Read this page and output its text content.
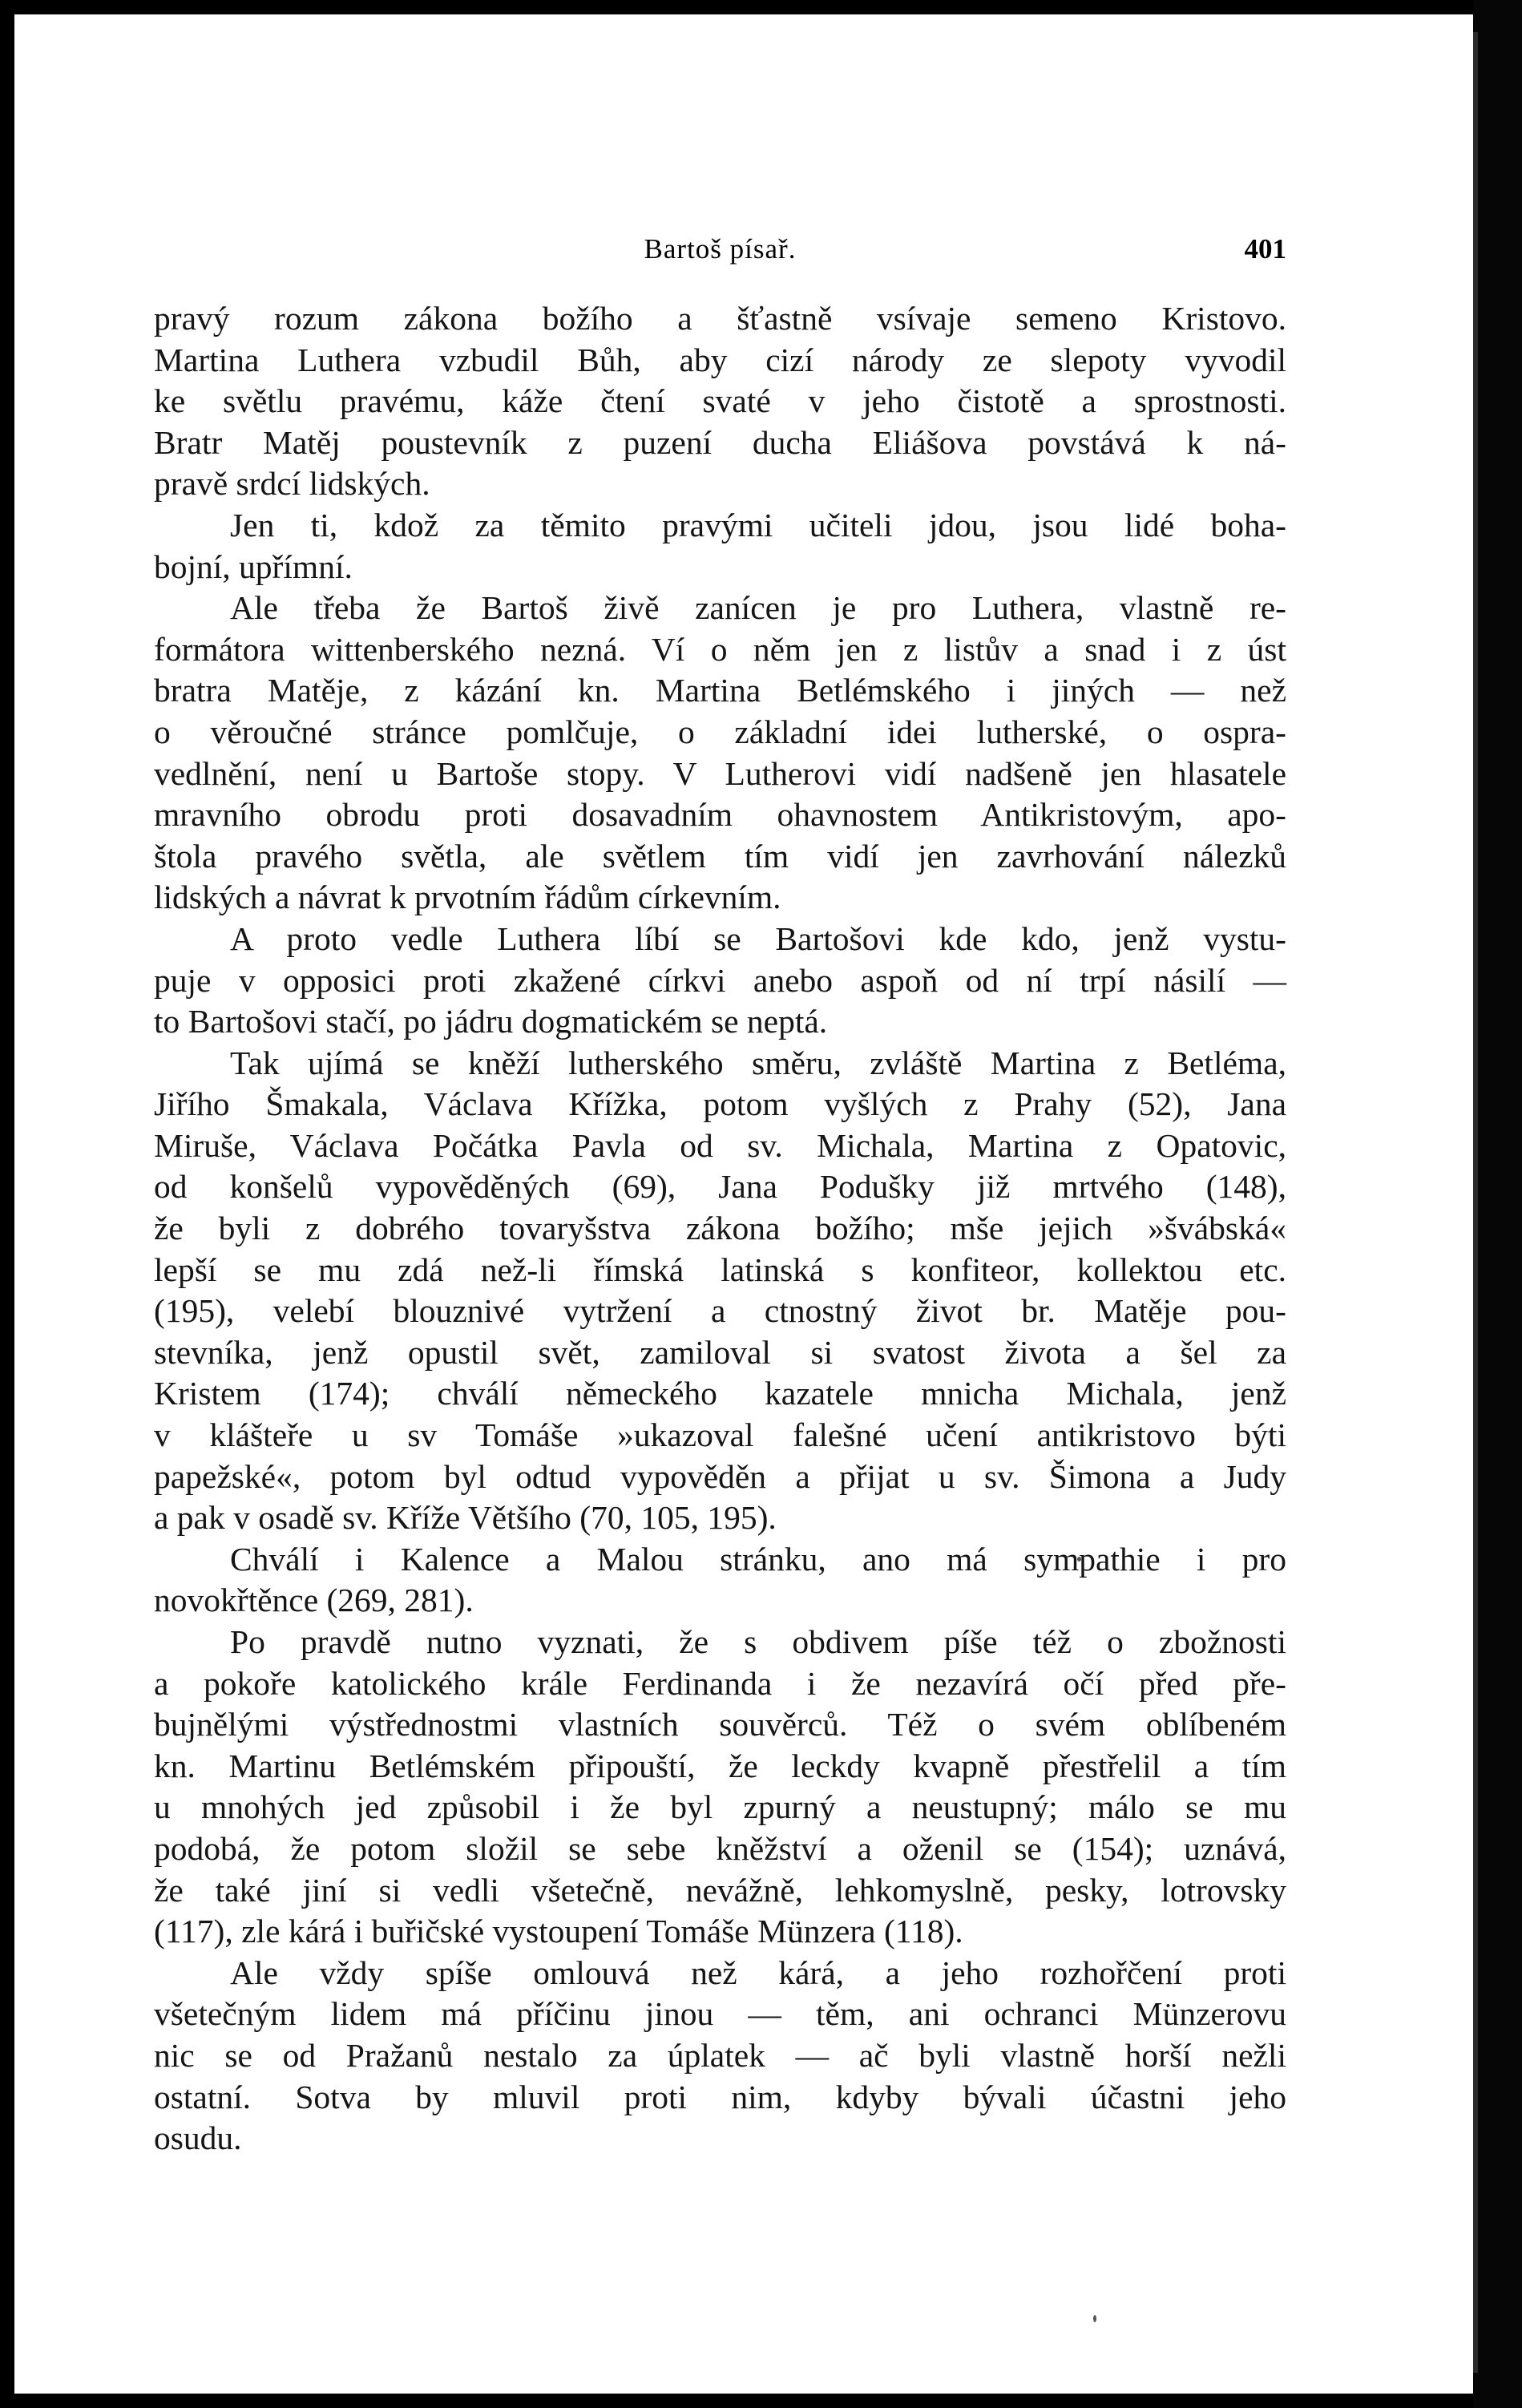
Bartoš písař.	401

pravý rozum zákona božího a šťastně vsívaje semeno Kristovo.
Martina Luthera vzbudil Bůh, aby cizí národy ze slepoty vyvodil
ke světlu pravému, káže čtení svaté v jeho čistotě a sprostnosti.
Bratr Matěj poustevník z puzení ducha Eliášova povstává k ná-
pravě srdcí lidských.

Jen ti, kdož za těmito pravými učiteli jdou, jsou lidé boha-
bojní, upřímní.

Ale třeba že Bartoš živě zanícen je pro Luthera, vlastně re-
formátora wittenberského nezná. Ví o něm jen z listův a snad i z úst
bratra Matěje, z kázání kn. Martina Betlémského i jiných — než
o věroučné stránce pomlčuje, o základní idei lutherské, o ospra-
vedlnění, není u Bartoše stopy. V Lutherovi vidí nadšeně jen hlasatele
mravního obrodu proti dosavadním ohavnostem Antikristovým, apo-
štola pravého světla, ale světlem tím vidí jen zavrhování nálezků
lidských a návrat k prvotním řádům církevním.

A proto vedle Luthera líbí se Bartošovi kde kdo, jenž vystu-
puje v opposici proti zkažené církvi anebo aspoň od ní trpí násilí —
to Bartošovi stačí, po jádru dogmatickém se neptá.

Tak ujímá se kněží lutherského směru, zvláště Martina z Betléma,
Jiřího Šmakala, Václava Křížka, potom vyšlých z Prahy (52), Jana
Miruše, Václava Počátka Pavla od sv. Michala, Martina z Opatovic,
od konšelů vypověděných (69), Jana Podušky již mrtvého (148),
že byli z dobrého tovaryšstva zákona božího; mše jejich »švábská«
lepší se mu zdá než-li římská latinská s konfiteor, kollektou etc.
(195), velebí blouznivé vytržení a ctnostný život br. Matěje pou-
stevníka, jenž opustil svět, zamiloval si svatost života a šel za
Kristem (174); chválí německého kazatele mnicha Michala, jenž
v klášteře u sv Tomáše »ukazoval falešné učení antikristovo býti
papežské«, potom byl odtud vypověděn a přijat u sv. Šimona a Judy
a pak v osadě sv. Kříže Většího (70, 105, 195).

Chválí i Kalence a Malou stránku, ano má sympathie i pro
novokřtěnce (269, 281).

Po pravdě nutno vyznati, že s obdivem píše též o zbožnosti
a pokoře katolického krále Ferdinanda i že nezavírá očí před pře-
bujnělými výstřednostmi vlastních souvěrců. Též o svém oblíbeném
kn. Martinu Betlémském připouští, že leckdy kvapně přestřelil a tím
u mnohých jed způsobil i že byl zpurný a neustupný; málo se mu
podobá, že potom složil se sebe kněžství a oženil se (154); uznává,
že také jiní si vedli všetečně, nevážně, lehkomyslně, pesky, lotrovsky
(117), zle kárá i buřičské vystoupení Tomáše Münzera (118).

Ale vždy spíše omlouvá než kárá, a jeho rozhořčení proti
všetečným lidem má příčinu jinou — těm, ani ochranci Münzerovu
nic se od Pražanů nestalo za úplatek — ač byli vlastně horší nežli
ostatní. Sotva by mluvil proti nim, kdyby bývali účastni jeho
osudu.
